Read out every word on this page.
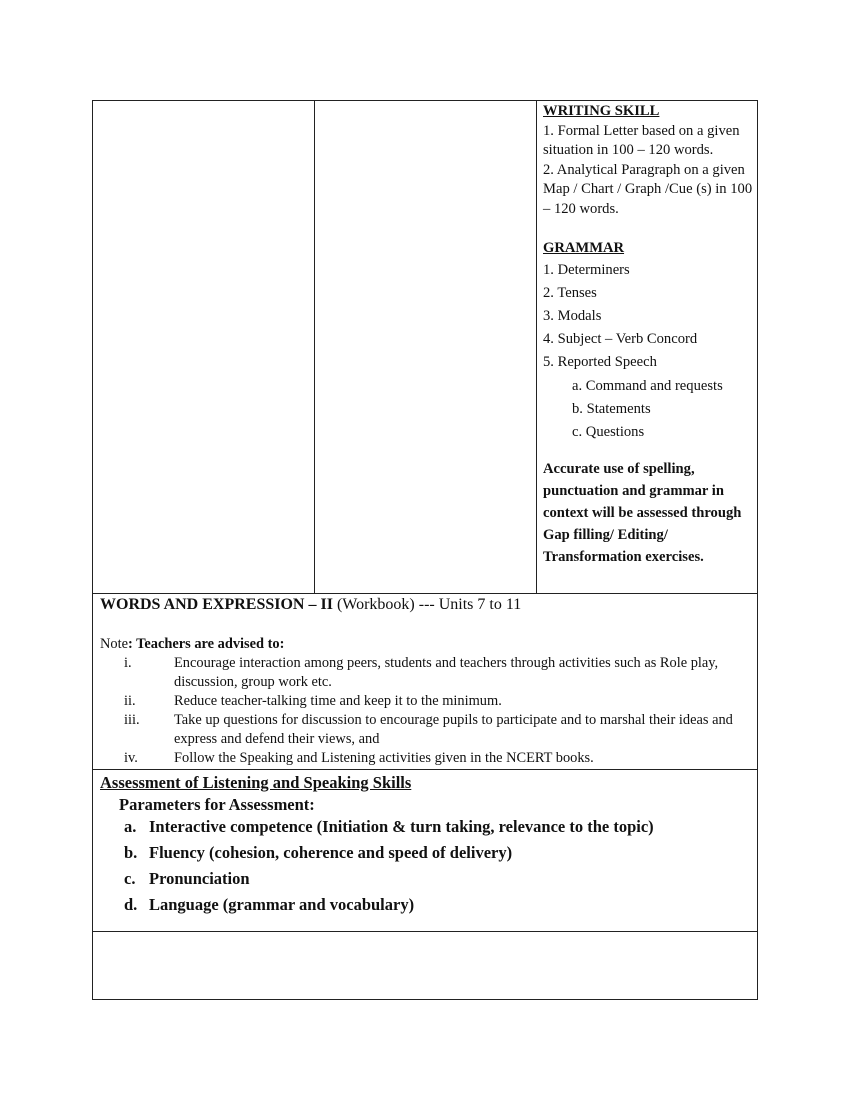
WRITING SKILL

1. Formal Letter based on a given situation in 100 – 120 words.

2. Analytical Paragraph on a given Map / Chart / Graph /Cue (s) in 100 – 120 words.

GRAMMAR
1. Determiners
2. Tenses
3. Modals
4. Subject – Verb Concord
5. Reported Speech
a. Command and requests
b. Statements
c. Questions
Accurate use of spelling, punctuation and grammar in context will be assessed through Gap filling/ Editing/ Transformation exercises.
WORDS AND EXPRESSION – II (Workbook) --- Units 7 to 11
Note: Teachers are advised to:
i.	Encourage interaction among peers, students and teachers through activities such as Role play, discussion, group work etc.
ii.	Reduce teacher-talking time and keep it to the minimum.
iii.	Take up questions for discussion to encourage pupils to participate and to marshal their ideas and express and defend their views, and
iv.	Follow the Speaking and Listening activities given in the NCERT books.
Assessment of Listening and Speaking Skills
Parameters for Assessment:
a. Interactive competence (Initiation & turn taking, relevance to the topic)
b. Fluency (cohesion, coherence and speed of delivery)
c. Pronunciation
d. Language (grammar and vocabulary)
